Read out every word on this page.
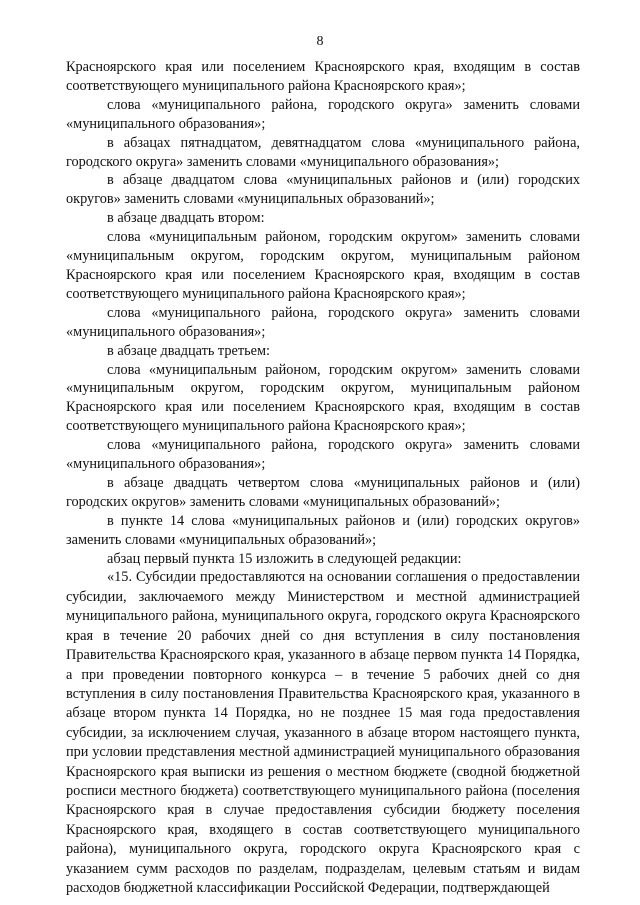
8

Красноярского края или поселением Красноярского края, входящим в состав соответствующего муниципального района Красноярского края»;

слова «муниципального района, городского округа» заменить словами «муниципального образования»;

в абзацах пятнадцатом, девятнадцатом слова «муниципального района, городского округа» заменить словами «муниципального образования»;

в абзаце двадцатом слова «муниципальных районов и (или) городских округов» заменить словами «муниципальных образований»;

в абзаце двадцать втором:

слова «муниципальным районом, городским округом» заменить словами «муниципальным округом, городским округом, муниципальным районом Красноярского края или поселением Красноярского края, входящим в состав соответствующего муниципального района Красноярского края»;

слова «муниципального района, городского округа» заменить словами «муниципального образования»;

в абзаце двадцать третьем:

слова «муниципальным районом, городским округом» заменить словами «муниципальным округом, городским округом, муниципальным районом Красноярского края или поселением Красноярского края, входящим в состав соответствующего муниципального района Красноярского края»;

слова «муниципального района, городского округа» заменить словами «муниципального образования»;

в абзаце двадцать четвертом слова «муниципальных районов и (или) городских округов» заменить словами «муниципальных образований»;

в пункте 14 слова «муниципальных районов и (или) городских округов» заменить словами «муниципальных образований»;

абзац первый пункта 15 изложить в следующей редакции:

«15. Субсидии предоставляются на основании соглашения о предоставлении субсидии, заключаемого между Министерством и местной администрацией муниципального района, муниципального округа, городского округа Красноярского края в течение 20 рабочих дней со дня вступления в силу постановления Правительства Красноярского края, указанного в абзаце первом пункта 14 Порядка, а при проведении повторного конкурса – в течение 5 рабочих дней со дня вступления в силу постановления Правительства Красноярского края, указанного в абзаце втором пункта 14 Порядка, но не позднее 15 мая года предоставления субсидии, за исключением случая, указанного в абзаце втором настоящего пункта, при условии представления местной администрацией муниципального образования Красноярского края выписки из решения о местном бюджете (сводной бюджетной росписи местного бюджета) соответствующего муниципального района (поселения Красноярского края в случае предоставления субсидии бюджету поселения Красноярского края, входящего в состав соответствующего муниципального района), муниципального округа, городского округа Красноярского края с указанием сумм расходов по разделам, подразделам, целевым статьям и видам расходов бюджетной классификации Российской Федерации, подтверждающей
